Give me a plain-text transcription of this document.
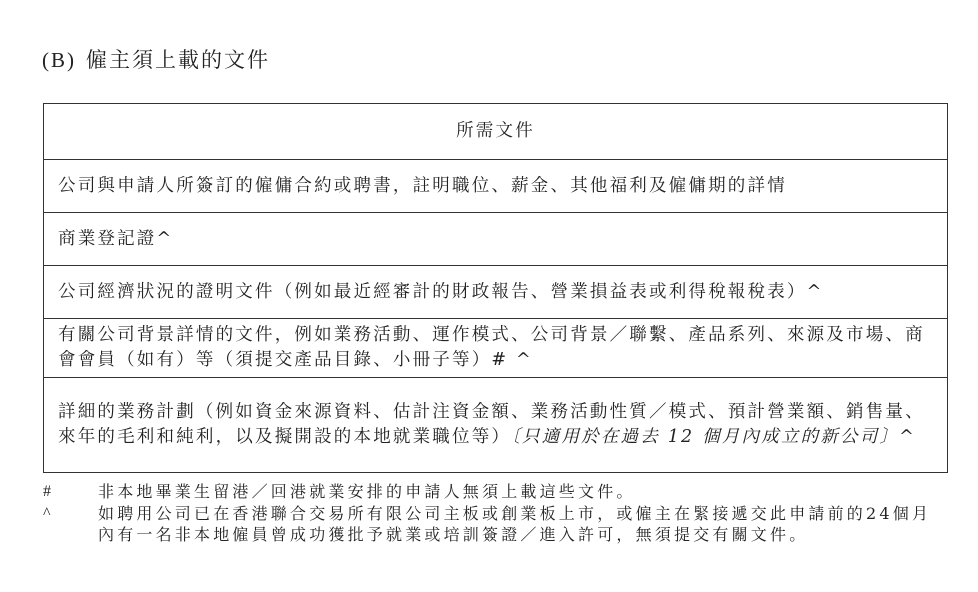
(B) 僱主須上載的文件
所需文件
公司與申請人所簽訂的僱傭合約或聘書，註明職位、薪金、其他福利及僱傭期的詳情
商業登記證^
公司經濟狀況的證明文件（例如最近經審計的財政報告、營業損益表或利得稅報稅表）^
有關公司背景詳情的文件，例如業務活動、運作模式、公司背景／聯繫、產品系列、來源及市場、商會會員（如有）等（須提交產品目錄、小冊子等）# ^
詳細的業務計劃（例如資金來源資料、估計注資金額、業務活動性質／模式、預計營業額、銷售量、來年的毛利和純利，以及擬開設的本地就業職位等）〔只適用於在過去 12 個月內成立的新公司〕^
#	非本地畢業生留港／回港就業安排的申請人無須上載這些文件。
^	如聘用公司已在香港聯合交易所有限公司主板或創業板上市，或僱主在緊接遞交此申請前的24個月內有一名非本地僱員曾成功獲批予就業或培訓簽證／進入許可，無須提交有關文件。
